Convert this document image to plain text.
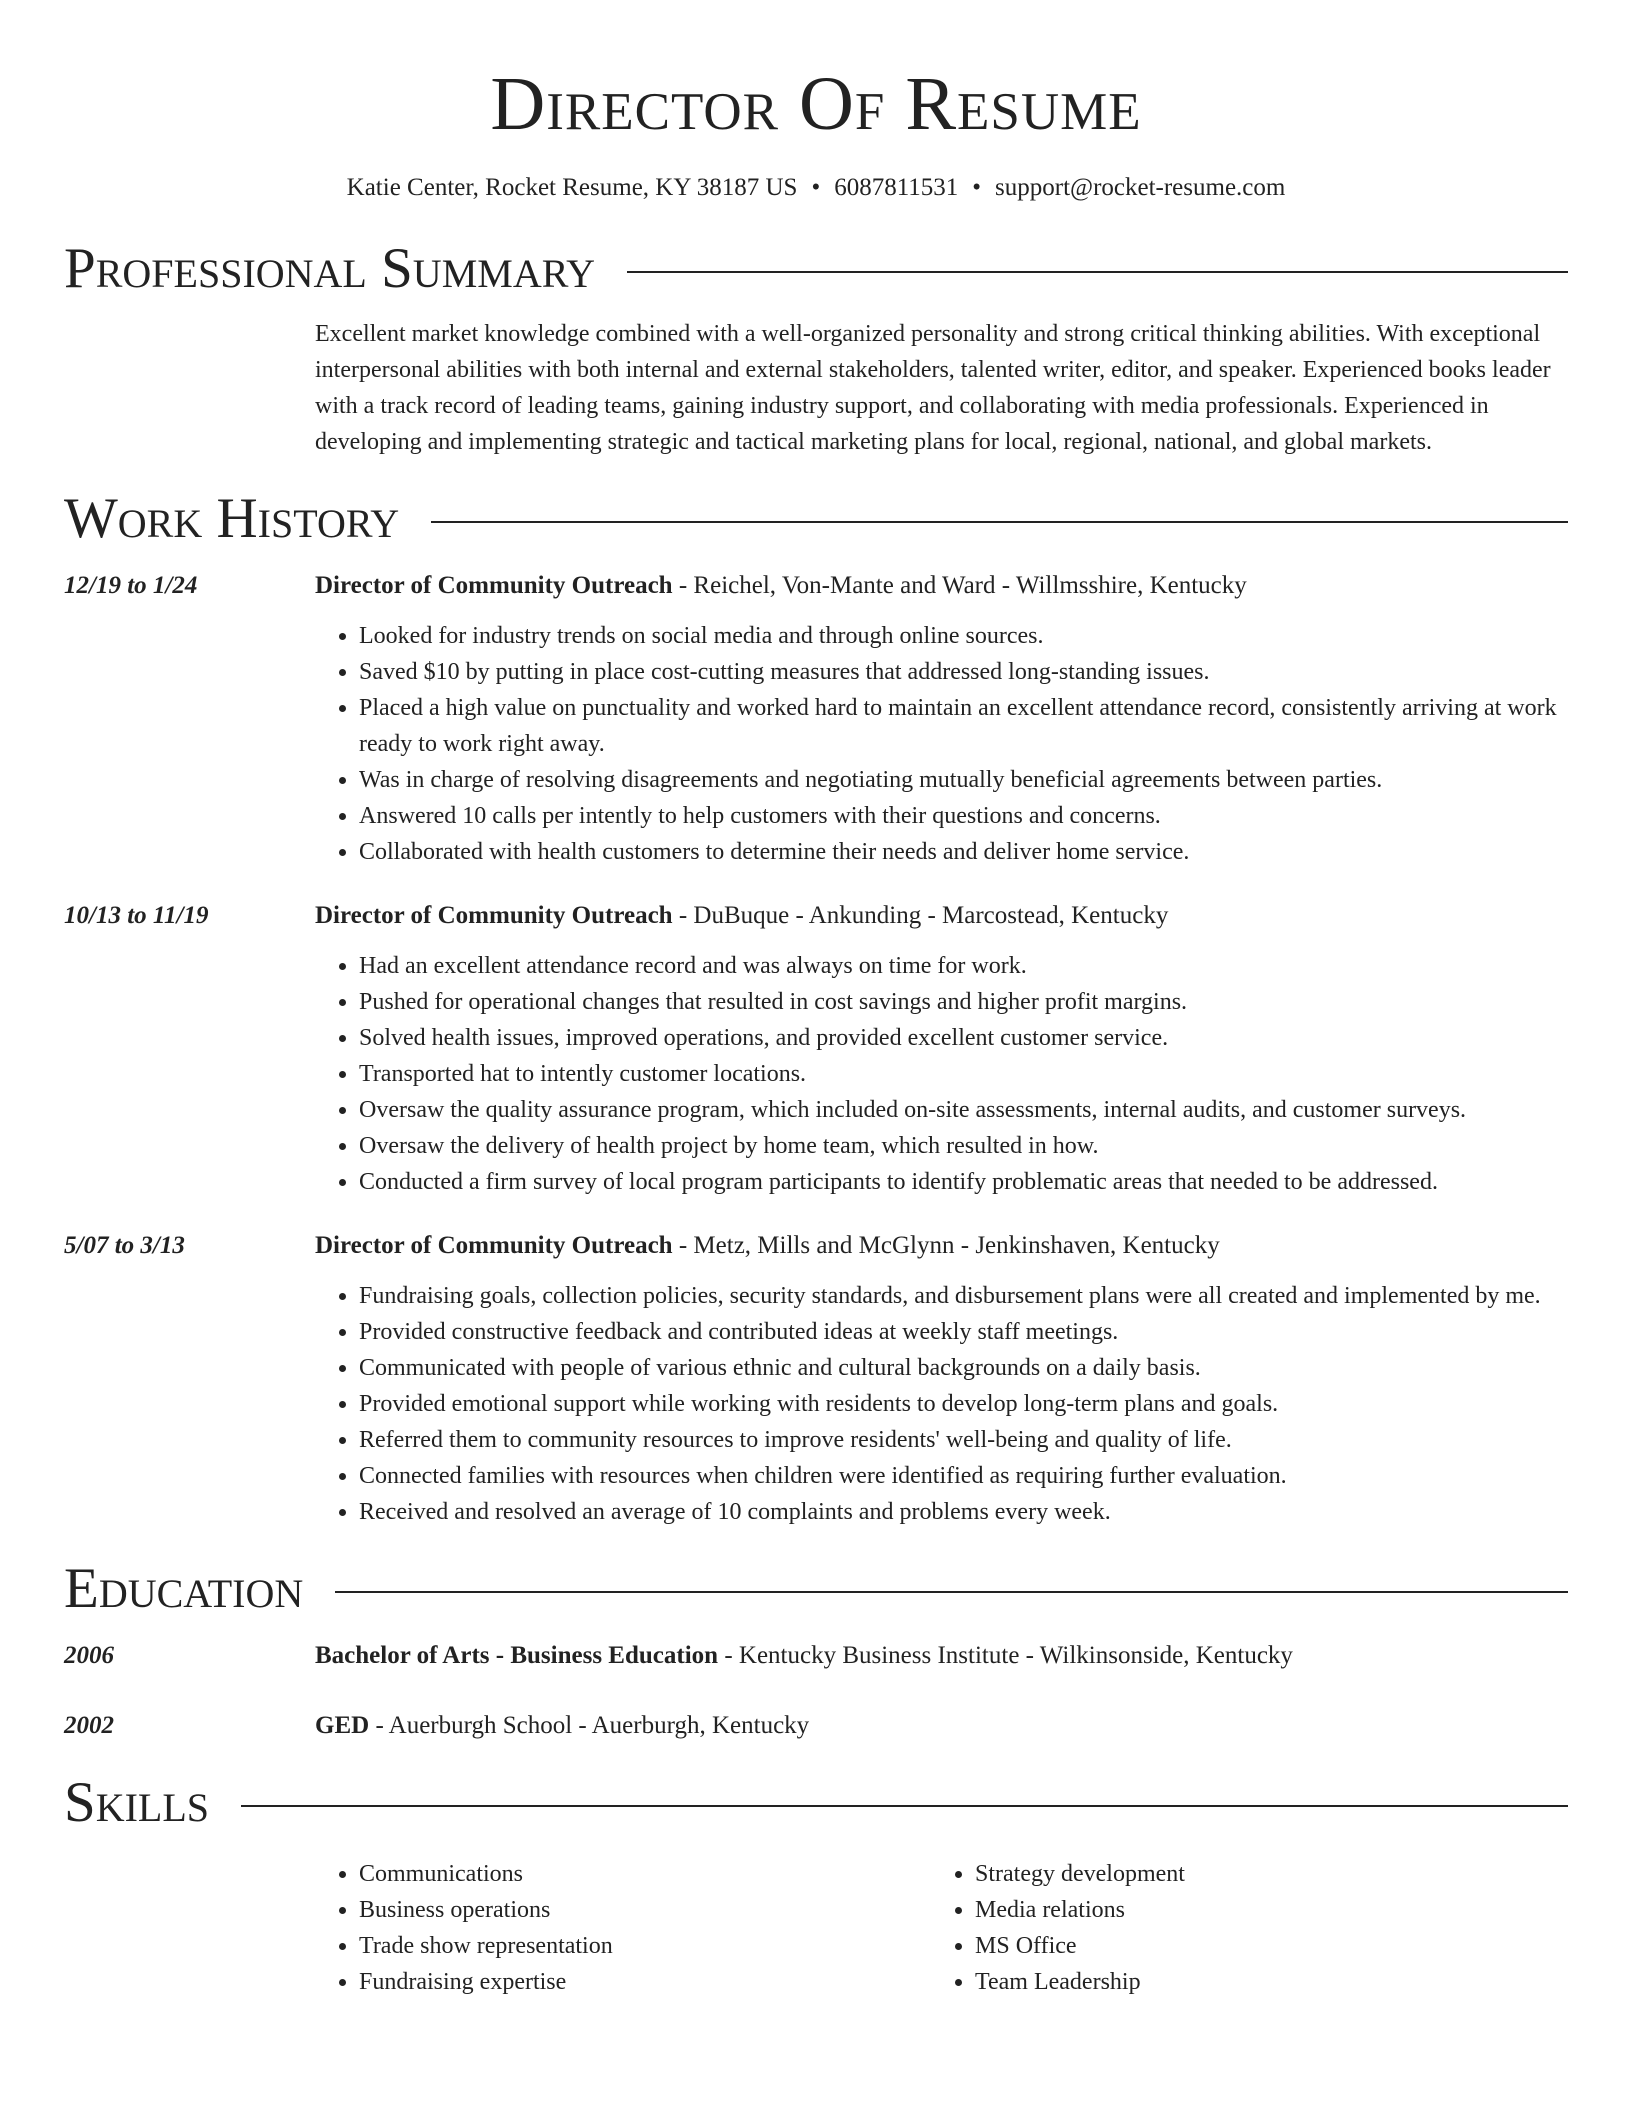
Director Of Resume
Katie Center, Rocket Resume, KY 38187 US • 6087811531 • support@rocket-resume.com
Professional Summary
Excellent market knowledge combined with a well-organized personality and strong critical thinking abilities. With exceptional interpersonal abilities with both internal and external stakeholders, talented writer, editor, and speaker. Experienced books leader with a track record of leading teams, gaining industry support, and collaborating with media professionals. Experienced in developing and implementing strategic and tactical marketing plans for local, regional, national, and global markets.
Work History
12/19 to 1/24	Director of Community Outreach - Reichel, Von-Mante and Ward - Willmsshire, Kentucky
• Looked for industry trends on social media and through online sources.
• Saved $10 by putting in place cost-cutting measures that addressed long-standing issues.
• Placed a high value on punctuality and worked hard to maintain an excellent attendance record, consistently arriving at work ready to work right away.
• Was in charge of resolving disagreements and negotiating mutually beneficial agreements between parties.
• Answered 10 calls per intently to help customers with their questions and concerns.
• Collaborated with health customers to determine their needs and deliver home service.
10/13 to 11/19	Director of Community Outreach - DuBuque - Ankunding - Marcostead, Kentucky
• Had an excellent attendance record and was always on time for work.
• Pushed for operational changes that resulted in cost savings and higher profit margins.
• Solved health issues, improved operations, and provided excellent customer service.
• Transported hat to intently customer locations.
• Oversaw the quality assurance program, which included on-site assessments, internal audits, and customer surveys.
• Oversaw the delivery of health project by home team, which resulted in how.
• Conducted a firm survey of local program participants to identify problematic areas that needed to be addressed.
5/07 to 3/13	Director of Community Outreach - Metz, Mills and McGlynn - Jenkinshaven, Kentucky
• Fundraising goals, collection policies, security standards, and disbursement plans were all created and implemented by me.
• Provided constructive feedback and contributed ideas at weekly staff meetings.
• Communicated with people of various ethnic and cultural backgrounds on a daily basis.
• Provided emotional support while working with residents to develop long-term plans and goals.
• Referred them to community resources to improve residents' well-being and quality of life.
• Connected families with resources when children were identified as requiring further evaluation.
• Received and resolved an average of 10 complaints and problems every week.
Education
2006	Bachelor of Arts - Business Education - Kentucky Business Institute - Wilkinsonside, Kentucky
2002	GED - Auerburgh School - Auerburgh, Kentucky
Skills
• Communications
• Business operations
• Trade show representation
• Fundraising expertise
• Strategy development
• Media relations
• MS Office
• Team Leadership
